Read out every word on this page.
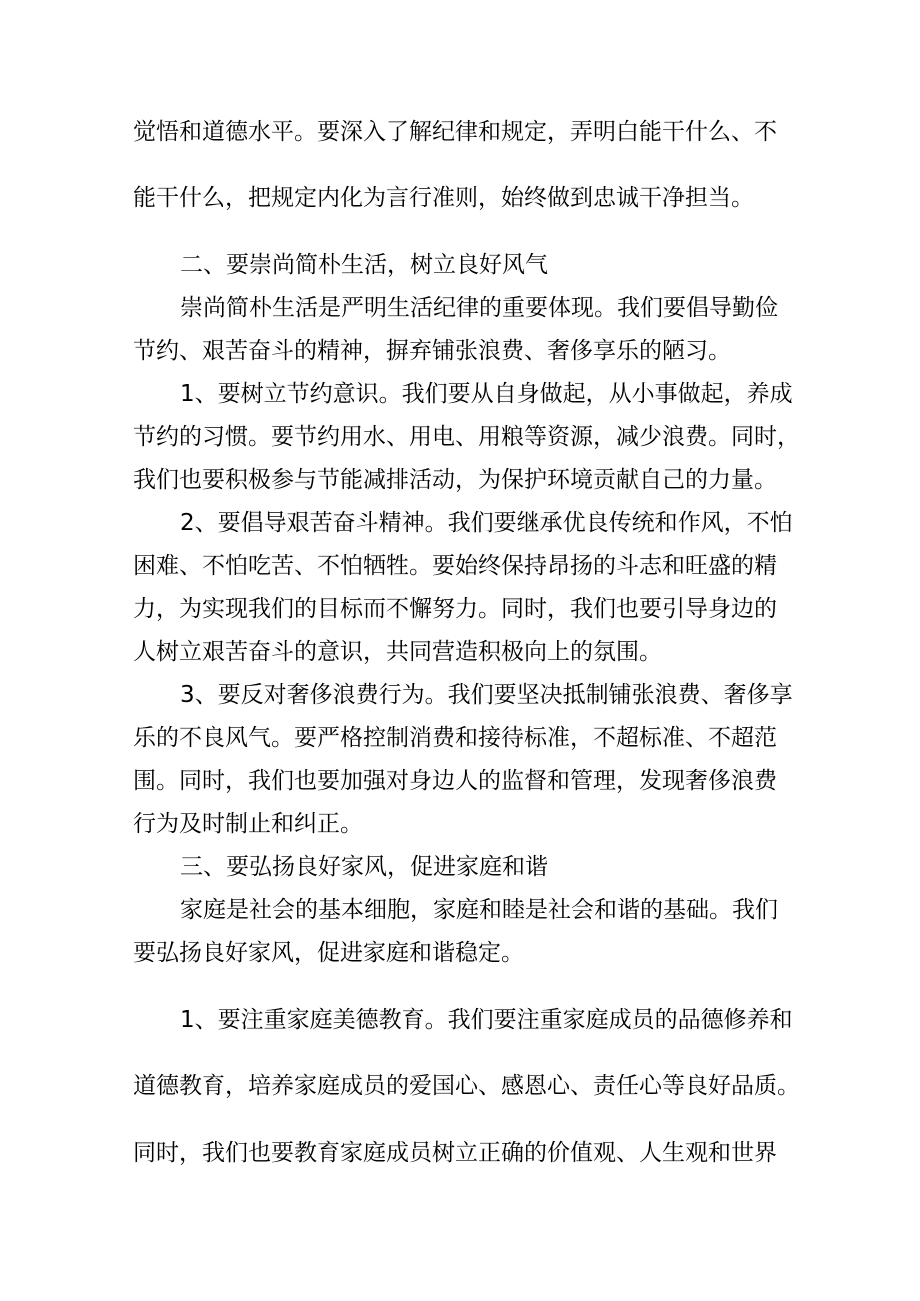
觉悟和道德水平。要深入了解纪律和规定，弄明白能干什么、不

能干什么，把规定内化为言行准则，始终做到忠诚干净担当。

二、要崇尚简朴生活，树立良好风气

崇尚简朴生活是严明生活纪律的重要体现。我们要倡导勤俭

节约、艰苦奋斗的精神，摒弃铺张浪费、奢侈享乐的陋习。

1、要树立节约意识。我们要从自身做起，从小事做起，养成

节约的习惯。要节约用水、用电、用粮等资源，减少浪费。同时，

我们也要积极参与节能减排活动，为保护环境贡献自己的力量。

2、要倡导艰苦奋斗精神。我们要继承优良传统和作风，不怕

困难、不怕吃苦、不怕牺牲。要始终保持昂扬的斗志和旺盛的精

力，为实现我们的目标而不懈努力。同时，我们也要引导身边的

人树立艰苦奋斗的意识，共同营造积极向上的氛围。

3、要反对奢侈浪费行为。我们要坚决抵制铺张浪费、奢侈享

乐的不良风气。要严格控制消费和接待标准，不超标准、不超范

围。同时，我们也要加强对身边人的监督和管理，发现奢侈浪费

行为及时制止和纠正。

三、要弘扬良好家风，促进家庭和谐

家庭是社会的基本细胞，家庭和睦是社会和谐的基础。我们

要弘扬良好家风，促进家庭和谐稳定。

1、要注重家庭美德教育。我们要注重家庭成员的品德修养和

道德教育，培养家庭成员的爱国心、感恩心、责任心等良好品质。

同时，我们也要教育家庭成员树立正确的价值观、人生观和世界
